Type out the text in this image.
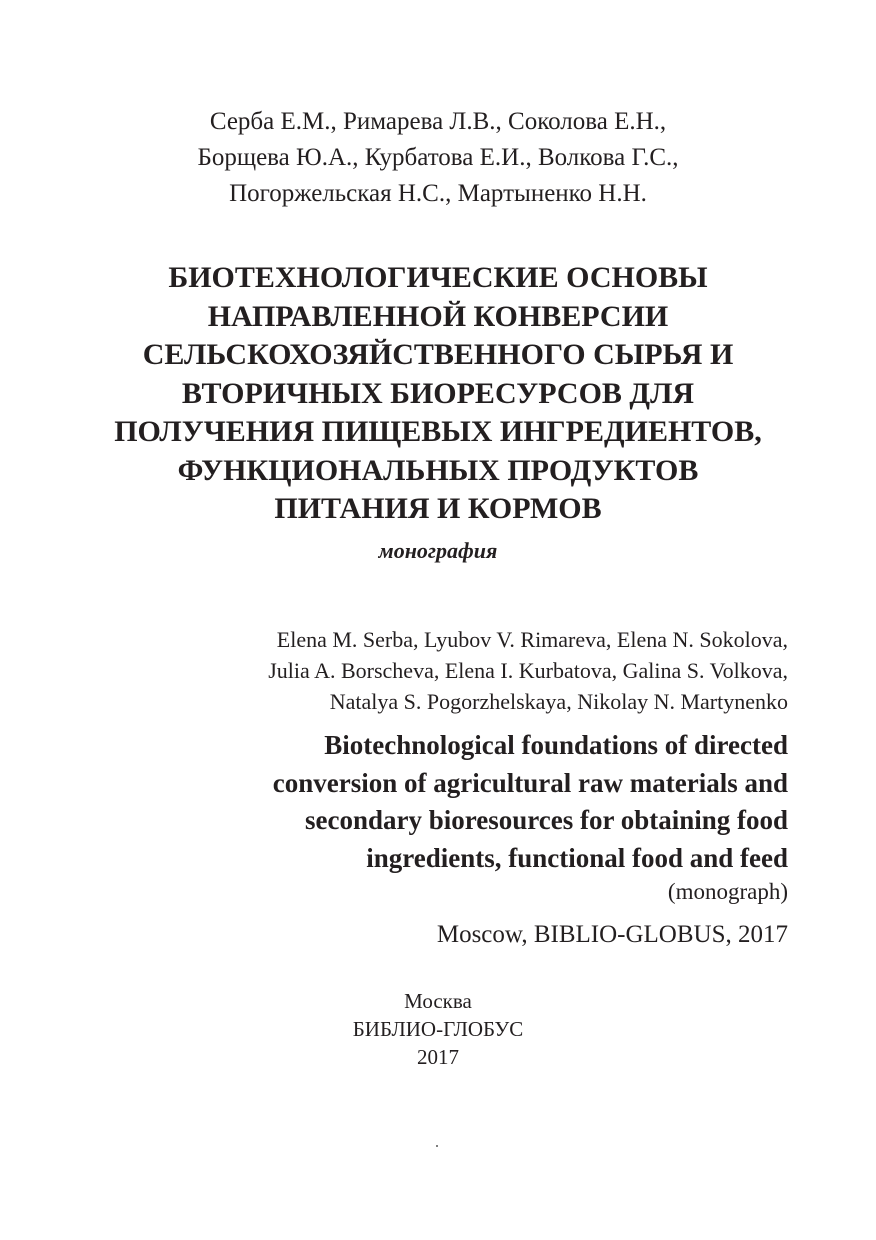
Серба Е.М., Римарева Л.В., Соколова Е.Н.,
Борщева Ю.А., Курбатова Е.И., Волкова Г.С.,
Погоржельская Н.С., Мартыненко Н.Н.
БИОТЕХНОЛОГИЧЕСКИЕ ОСНОВЫ
НАПРАВЛЕННОЙ КОНВЕРСИИ
СЕЛЬСКОХОЗЯЙСТВЕННОГО СЫРЬЯ И
ВТОРИЧНЫХ БИОРЕСУРСОВ ДЛЯ
ПОЛУЧЕНИЯ ПИЩЕВЫХ ИНГРЕДИЕНТОВ,
ФУНКЦИОНАЛЬНЫХ ПРОДУКТОВ
ПИТАНИЯ И КОРМОВ
монография
Elena M. Serba, Lyubov V. Rimareva, Elena N. Sokolova,
Julia A. Borscheva, Elena I. Kurbatova, Galina S. Volkova,
Natalya S. Pogorzhelskaya, Nikolay N. Martynenko
Biotechnological foundations of directed
conversion of agricultural raw materials and
secondary bioresources for obtaining food
ingredients, functional food and feed
(monograph)
Moscow, BIBLIO-GLOBUS, 2017
Москва
БИБЛИО-ГЛОБУС
2017
